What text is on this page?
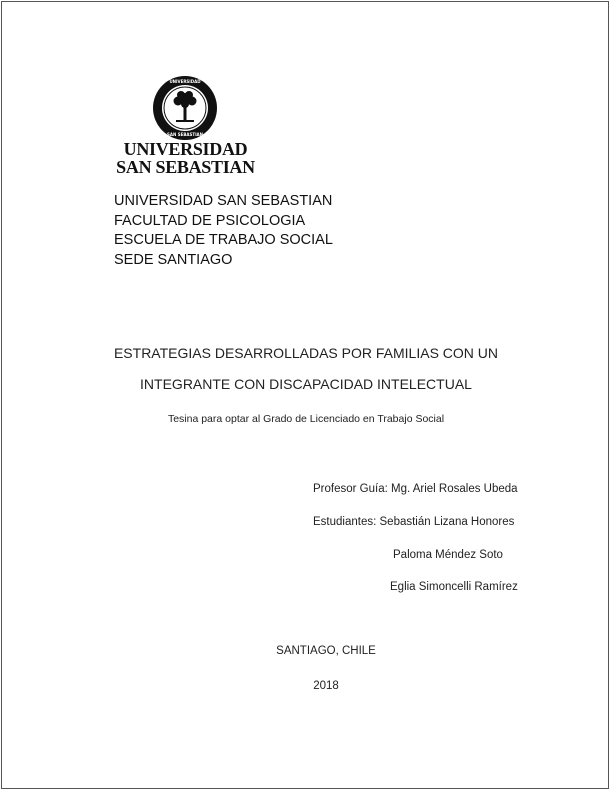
UNIVERSIDAD
SAN SEBASTIAN
UNIVERSIDAD
SAN SEBASTIAN
UNIVERSIDAD SAN SEBASTIAN
FACULTAD DE PSICOLOGIA
ESCUELA DE TRABAJO SOCIAL
SEDE SANTIAGO
ESTRATEGIAS DESARROLLADAS POR FAMILIAS CON UN
INTEGRANTE CON DISCAPACIDAD INTELECTUAL
Tesina para optar al Grado de Licenciado en Trabajo Social
Profesor Guía: Mg. Ariel Rosales Ubeda
Estudiantes: Sebastián Lizana Honores
Paloma Méndez Soto
Eglia Simoncelli Ramírez
SANTIAGO, CHILE
2018
